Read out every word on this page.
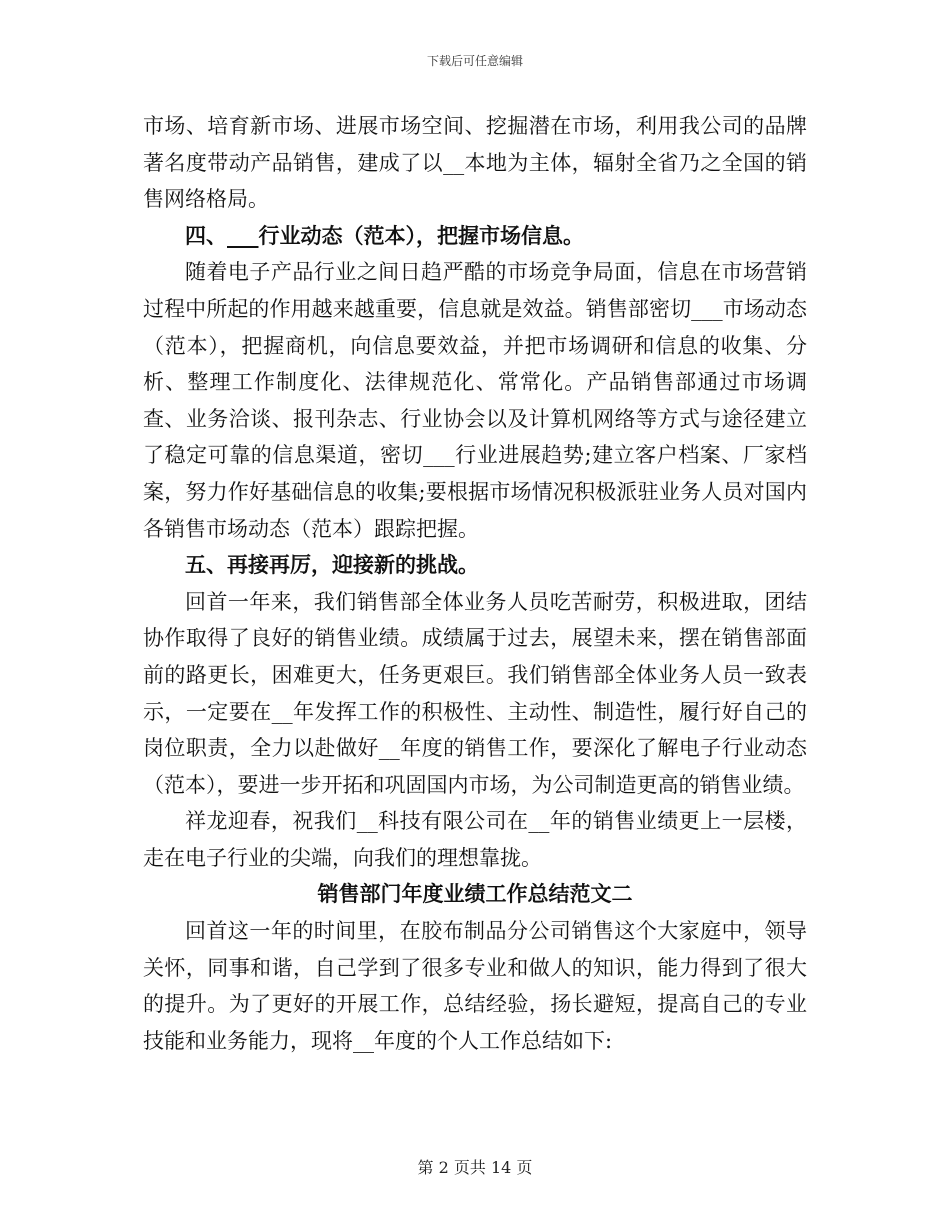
下载后可任意编辑

市场、培育新市场、进展市场空间、挖掘潜在市场，利用我公司的品牌著名度带动产品销售，建成了以__本地为主体，辐射全省乃之全国的销售网络格局。

四、___行业动态（范本），把握市场信息。

随着电子产品行业之间日趋严酷的市场竞争局面，信息在市场营销过程中所起的作用越来越重要，信息就是效益。销售部密切___市场动态（范本），把握商机，向信息要效益，并把市场调研和信息的收集、分析、整理工作制度化、法律规范化、常常化。产品销售部通过市场调查、业务洽谈、报刊杂志、行业协会以及计算机网络等方式与途径建立了稳定可靠的信息渠道，密切___行业进展趋势;建立客户档案、厂家档案，努力作好基础信息的收集;要根据市场情况积极派驻业务人员对国内各销售市场动态（范本）跟踪把握。

五、再接再厉，迎接新的挑战。

回首一年来，我们销售部全体业务人员吃苦耐劳，积极进取，团结协作取得了良好的销售业绩。成绩属于过去，展望未来，摆在销售部面前的路更长，困难更大，任务更艰巨。我们销售部全体业务人员一致表示，一定要在__年发挥工作的积极性、主动性、制造性，履行好自己的岗位职责，全力以赴做好__年度的销售工作，要深化了解电子行业动态（范本），要进一步开拓和巩固国内市场，为公司制造更高的销售业绩。

祥龙迎春，祝我们__科技有限公司在__年的销售业绩更上一层楼，走在电子行业的尖端，向我们的理想靠拢。

销售部门年度业绩工作总结范文二

回首这一年的时间里，在胶布制品分公司销售这个大家庭中，领导关怀，同事和谐，自己学到了很多专业和做人的知识，能力得到了很大的提升。为了更好的开展工作，总结经验，扬长避短，提高自己的专业技能和业务能力，现将__年度的个人工作总结如下:

第 2 页共 14 页
